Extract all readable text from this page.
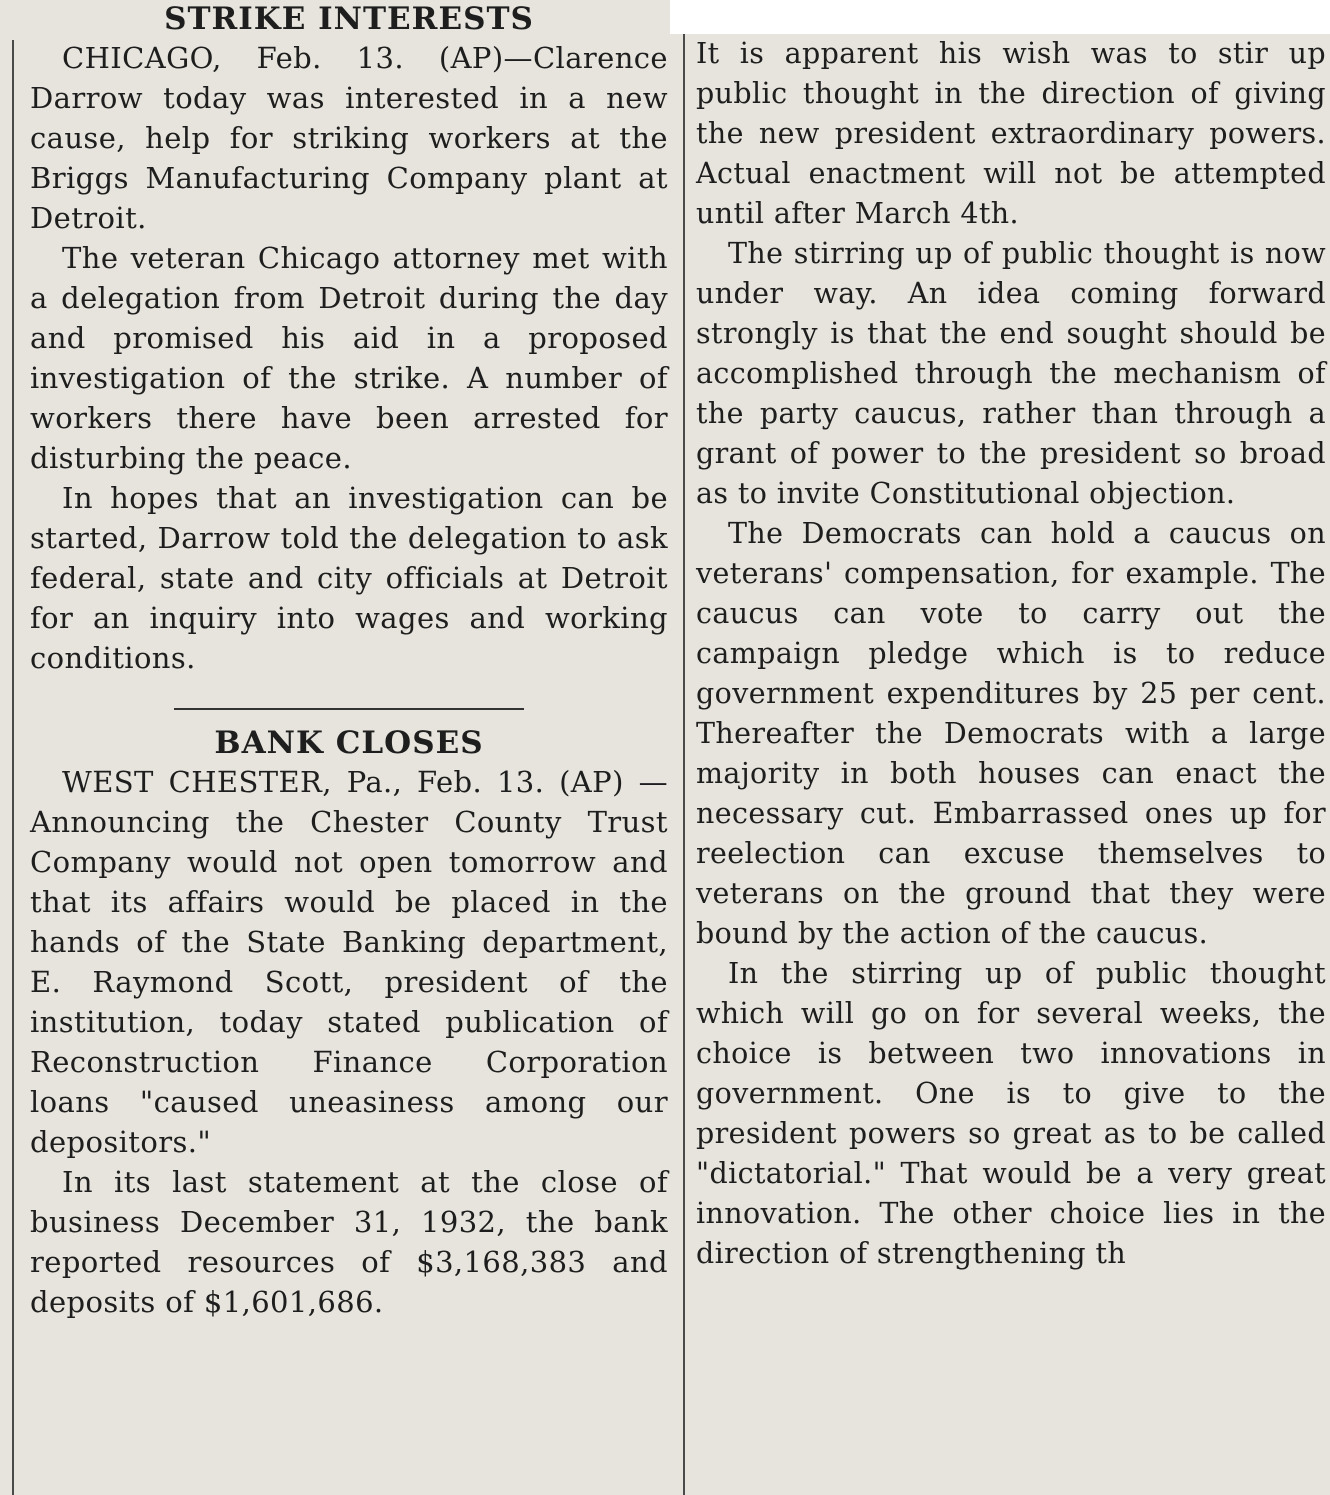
STRIKE INTERESTS

CHICAGO, Feb. 13. (AP)—Clarence Darrow today was interested in a new cause, help for striking workers at the Briggs Manufacturing Company plant at Detroit.

The veteran Chicago attorney met with a delegation from Detroit during the day and promised his aid in a proposed investigation of the strike. A number of workers there have been arrested for disturbing the peace.

In hopes that an investigation can be started, Darrow told the delegation to ask federal, state and city officials at Detroit for an inquiry into wages and working conditions.

BANK CLOSES

WEST CHESTER, Pa., Feb. 13. (AP) — Announcing the Chester County Trust Company would not open tomorrow and that its affairs would be placed in the hands of the State Banking department, E. Raymond Scott, president of the institution, today stated publication of Reconstruction Finance Corporation loans "caused uneasiness among our depositors."

In its last statement at the close of business December 31, 1932, the bank reported resources of $3,168,383 and deposits of $1,601,686.

It is apparent his wish was to stir up public thought in the direction of giving the new president extraordinary powers. Actual enactment will not be attempted until after March 4th.

The stirring up of public thought is now under way. An idea coming forward strongly is that the end sought should be accomplished through the mechanism of the party caucus, rather than through a grant of power to the president so broad as to invite Constitutional objection.

The Democrats can hold a caucus on veterans' compensation, for example. The caucus can vote to carry out the campaign pledge which is to reduce government expenditures by 25 per cent. Thereafter the Democrats with a large majority in both houses can enact the necessary cut. Embarrassed ones up for reelection can excuse themselves to veterans on the ground that they were bound by the action of the caucus.

In the stirring up of public thought which will go on for several weeks, the choice is between two innovations in government. One is to give to the president powers so great as to be called "dictatorial." That would be a very great innovation. The other choice lies in the direction of strengthening th
